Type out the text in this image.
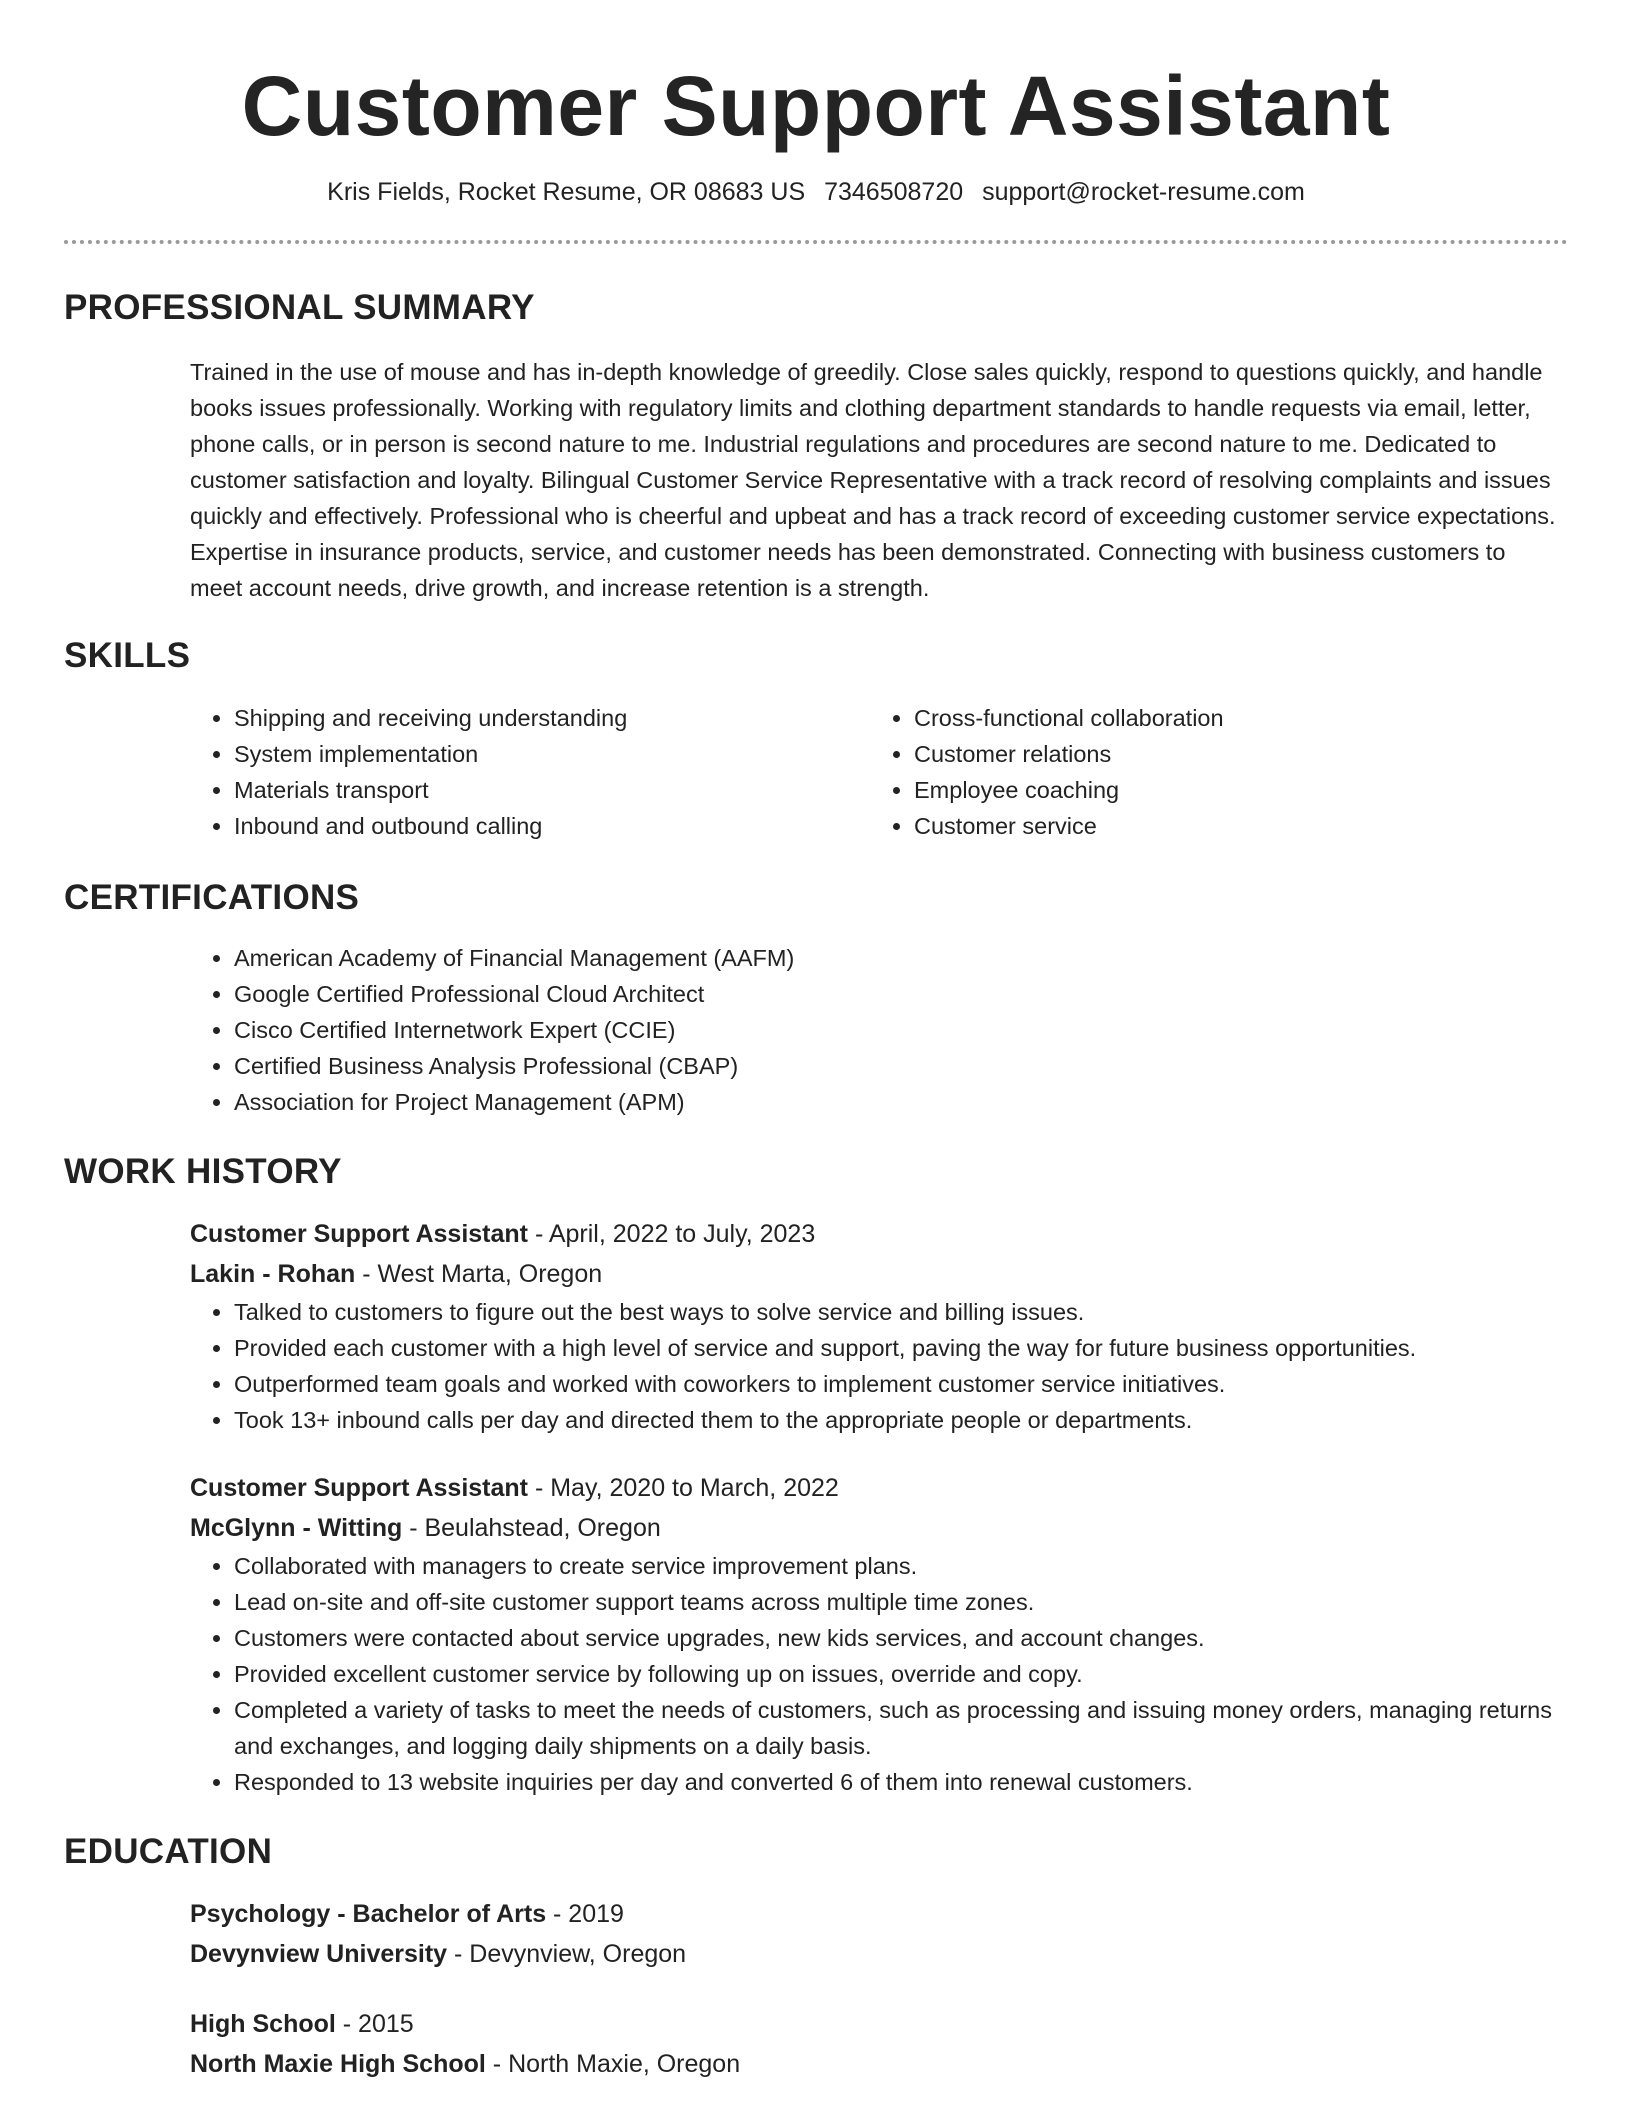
Customer Support Assistant
Kris Fields, Rocket Resume, OR 08683 US 7346508720 support@rocket-resume.com
PROFESSIONAL SUMMARY
Trained in the use of mouse and has in-depth knowledge of greedily. Close sales quickly, respond to questions quickly, and handle books issues professionally. Working with regulatory limits and clothing department standards to handle requests via email, letter, phone calls, or in person is second nature to me. Industrial regulations and procedures are second nature to me. Dedicated to customer satisfaction and loyalty. Bilingual Customer Service Representative with a track record of resolving complaints and issues quickly and effectively. Professional who is cheerful and upbeat and has a track record of exceeding customer service expectations. Expertise in insurance products, service, and customer needs has been demonstrated. Connecting with business customers to meet account needs, drive growth, and increase retention is a strength.
SKILLS
• Shipping and receiving understanding
• System implementation
• Materials transport
• Inbound and outbound calling
• Cross-functional collaboration
• Customer relations
• Employee coaching
• Customer service
CERTIFICATIONS
• American Academy of Financial Management (AAFM)
• Google Certified Professional Cloud Architect
• Cisco Certified Internetwork Expert (CCIE)
• Certified Business Analysis Professional (CBAP)
• Association for Project Management (APM)
WORK HISTORY
Customer Support Assistant - April, 2022 to July, 2023
Lakin - Rohan - West Marta, Oregon
• Talked to customers to figure out the best ways to solve service and billing issues.
• Provided each customer with a high level of service and support, paving the way for future business opportunities.
• Outperformed team goals and worked with coworkers to implement customer service initiatives.
• Took 13+ inbound calls per day and directed them to the appropriate people or departments.
Customer Support Assistant - May, 2020 to March, 2022
McGlynn - Witting - Beulahstead, Oregon
• Collaborated with managers to create service improvement plans.
• Lead on-site and off-site customer support teams across multiple time zones.
• Customers were contacted about service upgrades, new kids services, and account changes.
• Provided excellent customer service by following up on issues, override and copy.
• Completed a variety of tasks to meet the needs of customers, such as processing and issuing money orders, managing returns and exchanges, and logging daily shipments on a daily basis.
• Responded to 13 website inquiries per day and converted 6 of them into renewal customers.
EDUCATION
Psychology - Bachelor of Arts - 2019
Devynview University - Devynview, Oregon
High School - 2015
North Maxie High School - North Maxie, Oregon
